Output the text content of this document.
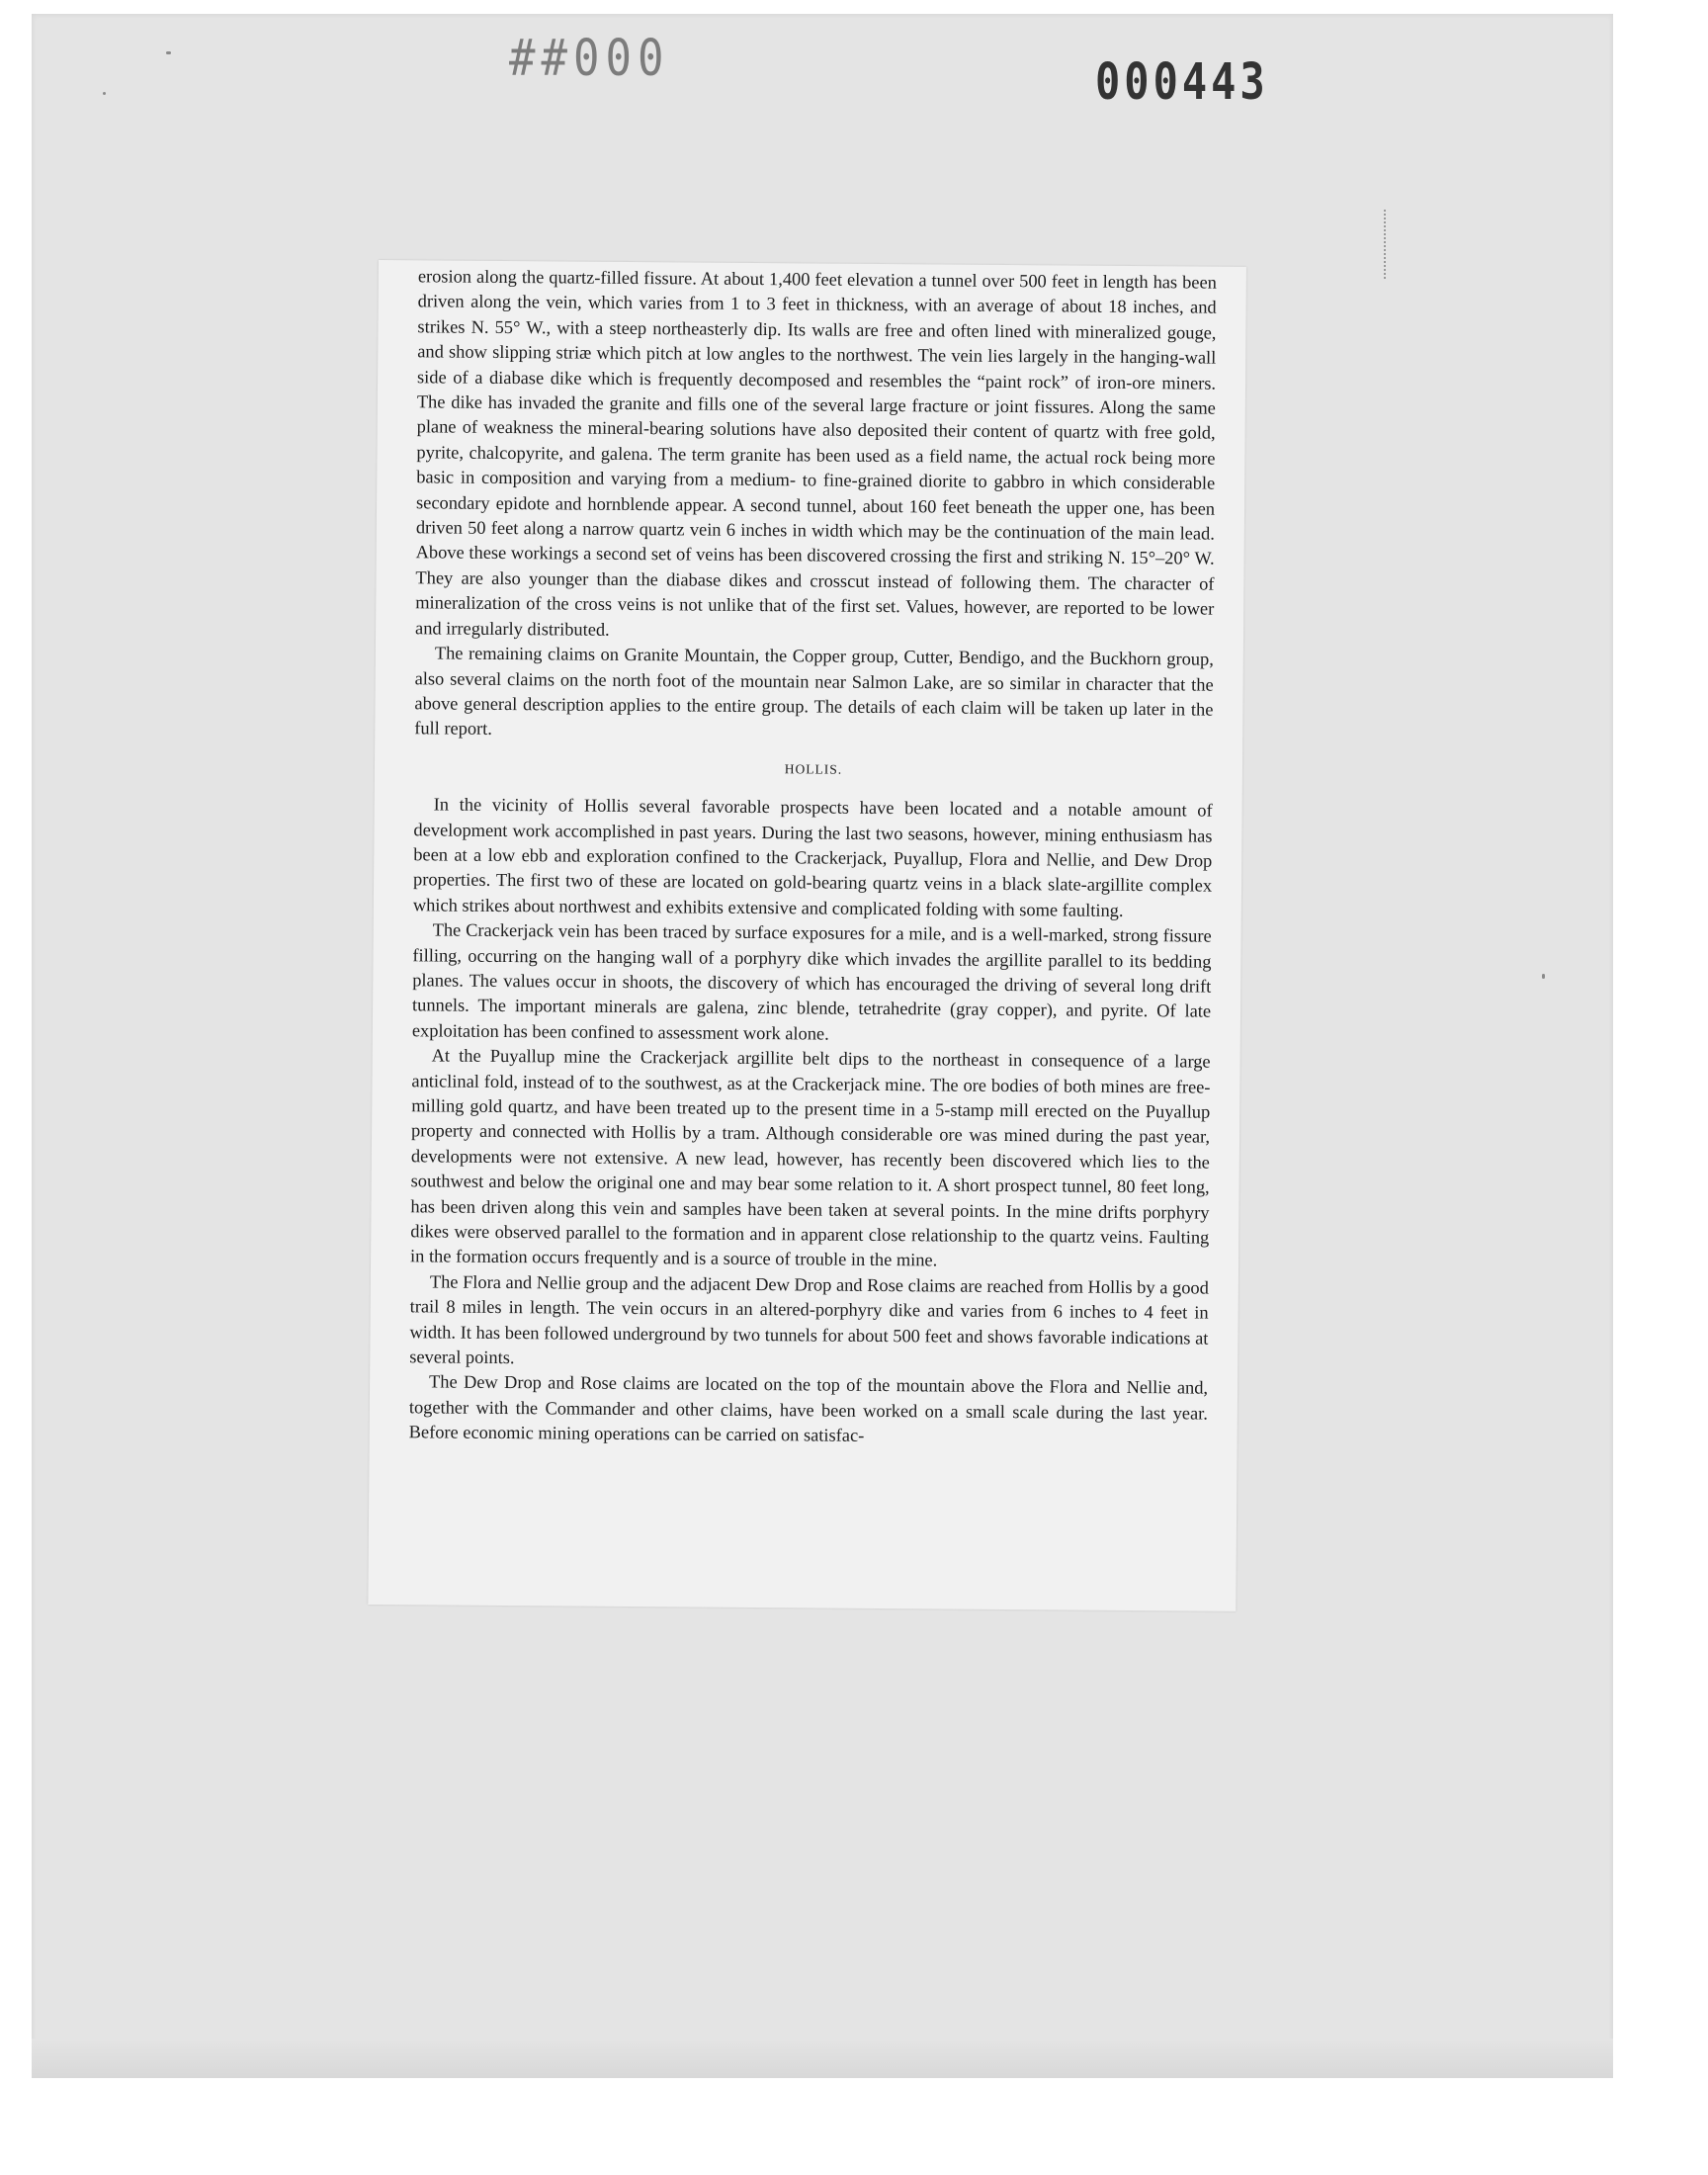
##000	000443

erosion along the quartz-filled fissure. At about 1,400 feet elevation a tunnel over 500 feet in length has been driven along the vein, which varies from 1 to 3 feet in thickness, with an average of about 18 inches, and strikes N. 55° W., with a steep northeasterly dip. Its walls are free and often lined with mineralized gouge, and show slipping striæ which pitch at low angles to the northwest. The vein lies largely in the hanging-wall side of a diabase dike which is frequently decomposed and resembles the “paint rock” of iron-ore miners. The dike has invaded the granite and fills one of the several large fracture or joint fissures. Along the same plane of weakness the mineral-bearing solutions have also deposited their content of quartz with free gold, pyrite, chalcopyrite, and galena. The term granite has been used as a field name, the actual rock being more basic in composition and varying from a medium- to fine-grained diorite to gabbro in which considerable secondary epidote and hornblende appear. A second tunnel, about 160 feet beneath the upper one, has been driven 50 feet along a narrow quartz vein 6 inches in width which may be the continuation of the main lead. Above these workings a second set of veins has been discovered crossing the first and striking N. 15°–20° W. They are also younger than the diabase dikes and crosscut instead of following them. The character of mineralization of the cross veins is not unlike that of the first set. Values, however, are reported to be lower and irregularly distributed.

The remaining claims on Granite Mountain, the Copper group, Cutter, Bendigo, and the Buckhorn group, also several claims on the north foot of the mountain near Salmon Lake, are so similar in character that the above general description applies to the entire group. The details of each claim will be taken up later in the full report.

HOLLIS.

In the vicinity of Hollis several favorable prospects have been located and a notable amount of development work accomplished in past years. During the last two seasons, however, mining enthusiasm has been at a low ebb and exploration confined to the Crackerjack, Puyallup, Flora and Nellie, and Dew Drop properties. The first two of these are located on gold-bearing quartz veins in a black slate-argillite complex which strikes about northwest and exhibits extensive and complicated folding with some faulting.

The Crackerjack vein has been traced by surface exposures for a mile, and is a well-marked, strong fissure filling, occurring on the hanging wall of a porphyry dike which invades the argillite parallel to its bedding planes. The values occur in shoots, the discovery of which has encouraged the driving of several long drift tunnels. The important minerals are galena, zinc blende, tetrahedrite (gray copper), and pyrite. Of late exploitation has been confined to assessment work alone.

At the Puyallup mine the Crackerjack argillite belt dips to the northeast in consequence of a large anticlinal fold, instead of to the southwest, as at the Crackerjack mine. The ore bodies of both mines are free-milling gold quartz, and have been treated up to the present time in a 5-stamp mill erected on the Puyallup property and connected with Hollis by a tram. Although considerable ore was mined during the past year, developments were not extensive. A new lead, however, has recently been discovered which lies to the southwest and below the original one and may bear some relation to it. A short prospect tunnel, 80 feet long, has been driven along this vein and samples have been taken at several points. In the mine drifts porphyry dikes were observed parallel to the formation and in apparent close relationship to the quartz veins. Faulting in the formation occurs frequently and is a source of trouble in the mine.

The Flora and Nellie group and the adjacent Dew Drop and Rose claims are reached from Hollis by a good trail 8 miles in length. The vein occurs in an altered-porphyry dike and varies from 6 inches to 4 feet in width. It has been followed underground by two tunnels for about 500 feet and shows favorable indications at several points.

The Dew Drop and Rose claims are located on the top of the mountain above the Flora and Nellie and, together with the Commander and other claims, have been worked on a small scale during the last year. Before economic mining operations can be carried on satisfac-
